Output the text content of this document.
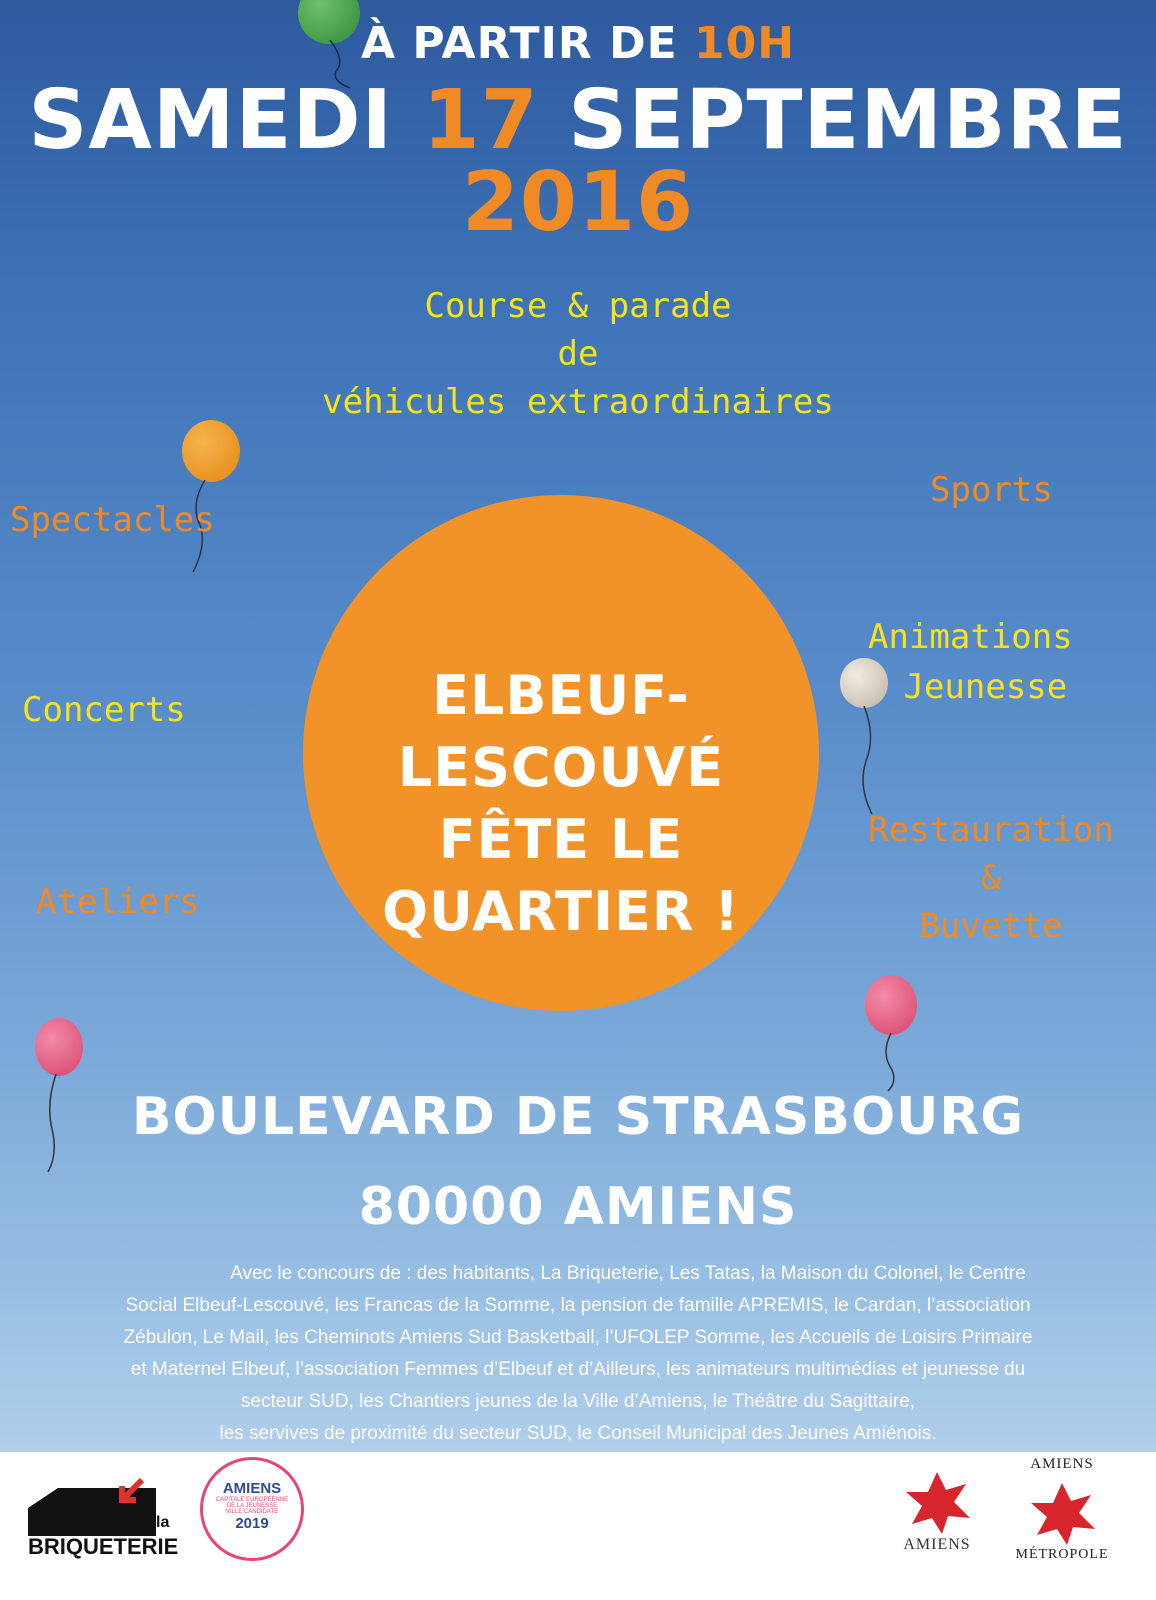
À PARTIR DE 10H
SAMEDI 17 SEPTEMBRE 2016
Course & parade
de
véhicules extraordinaires
Spectacles
Concerts
Ateliers
Sports
Animations
Jeunesse
Restauration
&
Buvette
ELBEUF-LESCOUVÉ
FÊTE LE QUARTIER !
BOULEVARD DE STRASBOURG
80000 AMIENS
Avec le concours de : des habitants, La Briqueterie, Les Tatas, la Maison du Colonel, le Centre
Social Elbeuf-Lescouvé, les Francas de la Somme, la pension de famille APREMIS, le Cardan, l’association
Zébulon, Le Mail, les Cheminots Amiens Sud Basketball, l’UFOLEP Somme, les Accueils de Loisirs Primaire
et Maternel Elbeuf, l’association Femmes d’Elbeuf et d’Ailleurs, les animateurs multimédias et jeunesse du
secteur SUD, les Chantiers jeunes de la Ville d’Amiens, le Théâtre du Sagittaire,
les servives de proximité du secteur SUD, le Conseil Municipal des Jeunes Amiénois.
la
BRIQUETERIE
AMIENS
CAPITALE EUROPÉENNE
DE LA JEUNESSE
VILLE CANDIDATE
2019
AMIENS
AMIENS
MÉTROPOLE
